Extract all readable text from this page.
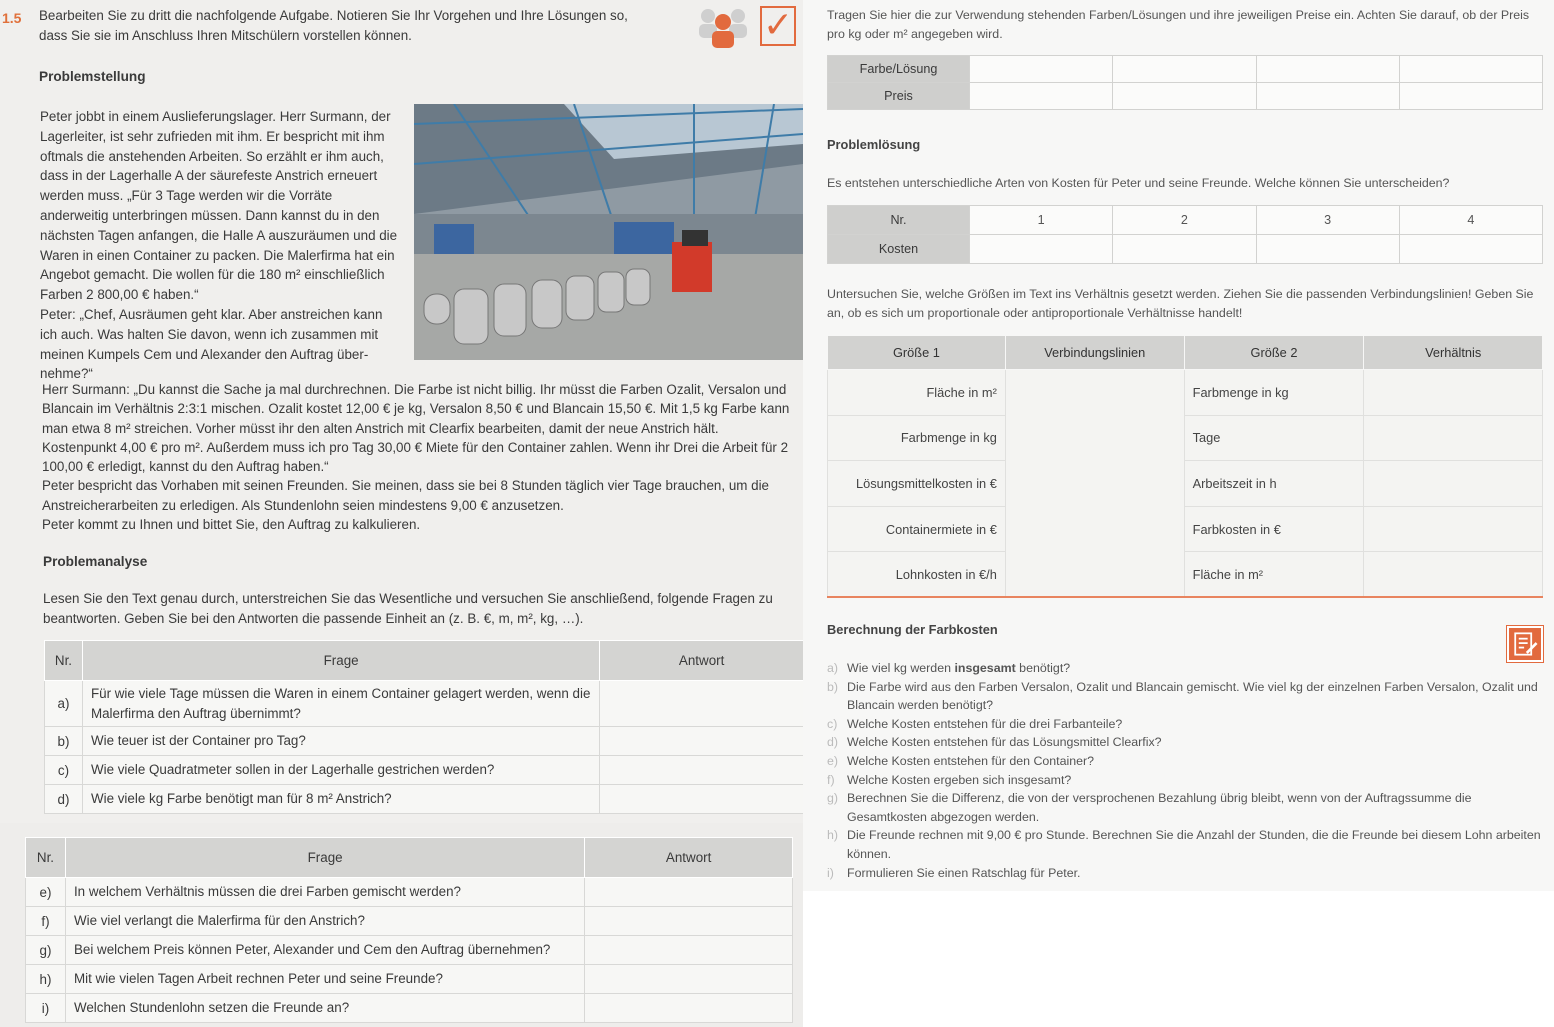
1.5 Bearbeiten Sie zu dritt die nachfolgende Aufgabe. Notieren Sie Ihr Vorgehen und Ihre Lösungen so, dass Sie sie im Anschluss Ihren Mitschülern vorstellen können.	✓
Problemstellung
Peter jobbt in einem Auslieferungslager. Herr Surmann, der Lagerleiter, ist sehr zufrieden mit ihm. Er bespricht mit ihm oftmals die anstehenden Arbeiten. So erzählt er ihm auch, dass in der Lagerhalle A der säurefeste Anstrich erneuert werden muss. „Für 3 Tage werden wir die Vorräte anderweitig unterbringen müssen. Dann kannst du in den nächsten Tagen anfangen, die Halle A auszuräumen und die Waren in einen Container zu packen. Die Malerfirma hat ein Angebot gemacht. Die wollen für die 180 m² einschließlich Farben 2 800,00 € haben.“
Peter: „Chef, Ausräumen geht klar. Aber anstreichen kann ich auch. Was halten Sie davon, wenn ich zusammen mit meinen Kumpels Cem und Alexander den Auftrag übernehme?“
Herr Surmann: „Du kannst die Sache ja mal durchrechnen. Die Farbe ist nicht billig. Ihr müsst die Farben Ozalit, Versalon und Blancain im Verhältnis 2:3:1 mischen. Ozalit kostet 12,00 € je kg, Versalon 8,50 € und Blancain 15,50 €. Mit 1,5 kg Farbe kann man etwa 8 m² streichen. Vorher müsst ihr den alten Anstrich mit Clearfix bearbeiten, damit der neue Anstrich hält. Kostenpunkt 4,00 € pro m². Außerdem muss ich pro Tag 30,00 € Miete für den Container zahlen. Wenn ihr Drei die Arbeit für 2 100,00 € erledigt, kannst du den Auftrag haben.“
Peter bespricht das Vorhaben mit seinen Freunden. Sie meinen, dass sie bei 8 Stunden täglich vier Tage brauchen, um die Anstreicherarbeiten zu erledigen. Als Stundenlohn seien mindestens 9,00 € anzusetzen.
Peter kommt zu Ihnen und bittet Sie, den Auftrag zu kalkulieren.
Problemanalyse
Lesen Sie den Text genau durch, unterstreichen Sie das Wesentliche und versuchen Sie anschließend, folgende Fragen zu beantworten. Geben Sie bei den Antworten die passende Einheit an (z. B. €, m, m², kg, …).
Nr.	Frage	Antwort
a)	Für wie viele Tage müssen die Waren in einem Container gelagert werden, wenn die Malerfirma den Auftrag übernimmt?	
b)	Wie teuer ist der Container pro Tag?	
c)	Wie viele Quadratmeter sollen in der Lagerhalle gestrichen werden?	
d)	Wie viele kg Farbe benötigt man für 8 m² Anstrich?	
Nr.	Frage	Antwort
e)	In welchem Verhältnis müssen die drei Farben gemischt werden?	
f)	Wie viel verlangt die Malerfirma für den Anstrich?	
g)	Bei welchem Preis können Peter, Alexander und Cem den Auftrag übernehmen?	
h)	Mit wie vielen Tagen Arbeit rechnen Peter und seine Freunde?	
i)	Welchen Stundenlohn setzen die Freunde an?	
Tragen Sie hier die zur Verwendung stehenden Farben/Lösungen und ihre jeweiligen Preise ein. Achten Sie darauf, ob der Preis pro kg oder m² angegeben wird.
Farbe/Lösung				
Preis				
Problemlösung
Es entstehen unterschiedliche Arten von Kosten für Peter und seine Freunde. Welche können Sie unterscheiden?
Nr.	1	2	3	4
Kosten				
Untersuchen Sie, welche Größen im Text ins Verhältnis gesetzt werden. Ziehen Sie die passenden Verbindungslinien! Geben Sie an, ob es sich um proportionale oder antiproportionale Verhältnisse handelt!
Größe 1	Verbindungslinien	Größe 2	Verhältnis
Fläche in m²		Farbmenge in kg	
Farbmenge in kg		Tage	
Lösungsmittelkosten in €		Arbeitszeit in h	
Containermiete in €		Farbkosten in €	
Lohnkosten in €/h		Fläche in m²	
Berechnung der Farbkosten
a) Wie viel kg werden insgesamt benötigt?
b) Die Farbe wird aus den Farben Versalon, Ozalit und Blancain gemischt. Wie viel kg der einzelnen Farben Versalon, Ozalit und Blancain werden benötigt?
c) Welche Kosten entstehen für die drei Farbanteile?
d) Welche Kosten entstehen für das Lösungsmittel Clearfix?
e) Welche Kosten entstehen für den Container?
f) Welche Kosten ergeben sich insgesamt?
g) Berechnen Sie die Differenz, die von der versprochenen Bezahlung übrig bleibt, wenn von der Auftragssumme die Gesamtkosten abgezogen werden.
h) Die Freunde rechnen mit 9,00 € pro Stunde. Berechnen Sie die Anzahl der Stunden, die die Freunde bei diesem Lohn arbeiten können.
i) Formulieren Sie einen Ratschlag für Peter.
